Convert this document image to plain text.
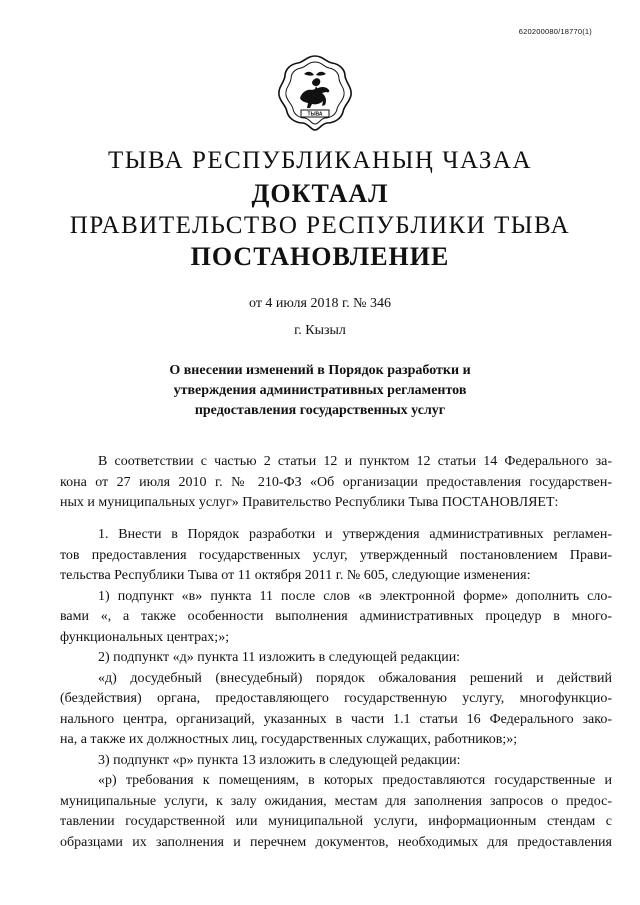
620200080/18770(1)
ТЫВА
ТЫВА РЕСПУБЛИКАНЫҢ ЧАЗАА
ДОКТААЛ
ПРАВИТЕЛЬСТВО РЕСПУБЛИКИ ТЫВА
ПОСТАНОВЛЕНИЕ
от 4 июля 2018 г. № 346
г. Кызыл
О внесении изменений в Порядок разработки и
утверждения административных регламентов
предоставления государственных услуг
В соответствии с частью 2 статьи 12 и пунктом 12 статьи 14 Федерального за-
кона от 27 июля 2010 г. № 210-ФЗ «Об организации предоставления государствен-
ных и муниципальных услуг» Правительство Республики Тыва ПОСТАНОВЛЯЕТ:
1. Внести в Порядок разработки и утверждения административных регламен-
тов предоставления государственных услуг, утвержденный постановлением Прави-
тельства Республики Тыва от 11 октября 2011 г. № 605, следующие изменения:
1) подпункт «в» пункта 11 после слов «в электронной форме» дополнить сло-
вами «, а также особенности выполнения административных процедур в много-
функциональных центрах;»;
2) подпункт «д» пункта 11 изложить в следующей редакции:
«д) досудебный (внесудебный) порядок обжалования решений и действий
(бездействия) органа, предоставляющего государственную услугу, многофункцио-
нального центра, организаций, указанных в части 1.1 статьи 16 Федерального зако-
на, а также их должностных лиц, государственных служащих, работников;»;
3) подпункт «р» пункта 13 изложить в следующей редакции:
«р) требования к помещениям, в которых предоставляются государственные и
муниципальные услуги, к залу ожидания, местам для заполнения запросов о предос-
тавлении государственной или муниципальной услуги, информационным стендам с
образцами их заполнения и перечнем документов, необходимых для предоставления
